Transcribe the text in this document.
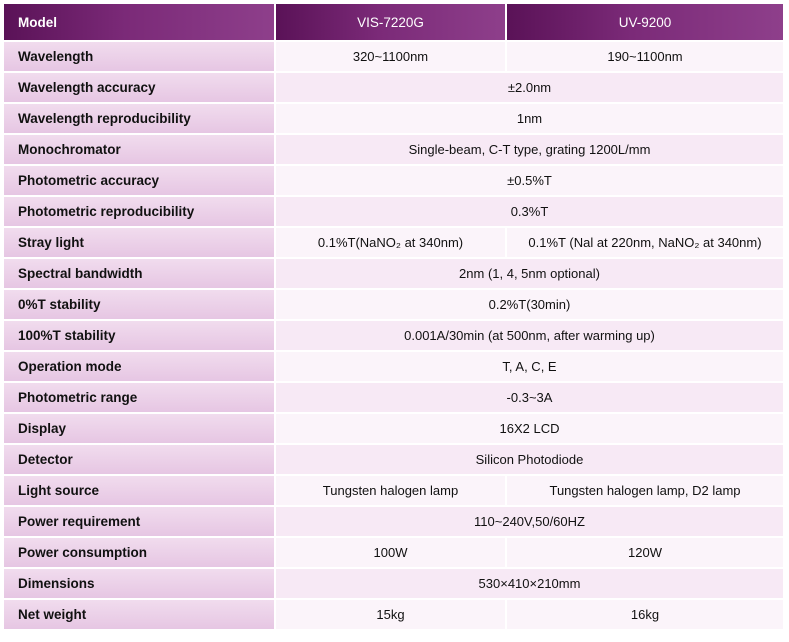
Model	VIS-7220G	UV-9200
Wavelength	320~1100nm	190~1100nm
Wavelength accuracy	±2.0nm	
Wavelength reproducibility	1nm	
Monochromator	Single-beam, C-T type, grating 1200L/mm	
Photometric accuracy	±0.5%T	
Photometric reproducibility	0.3%T	
Stray light	0.1%T(NaNO₂ at 340nm)	0.1%T (Nal at 220nm, NaNO₂ at 340nm)
Spectral bandwidth	2nm (1, 4, 5nm optional)	
0%T stability	0.2%T(30min)	
100%T stability	0.001A/30min (at 500nm, after warming up)	
Operation mode	T, A, C, E	
Photometric range	-0.3~3A	
Display	16X2 LCD	
Detector	Silicon Photodiode	
Light source	Tungsten halogen lamp	Tungsten halogen lamp, D2 lamp
Power requirement	110~240V,50/60HZ	
Power consumption	100W	120W
Dimensions	530×410×210mm	
Net weight	15kg	16kg
